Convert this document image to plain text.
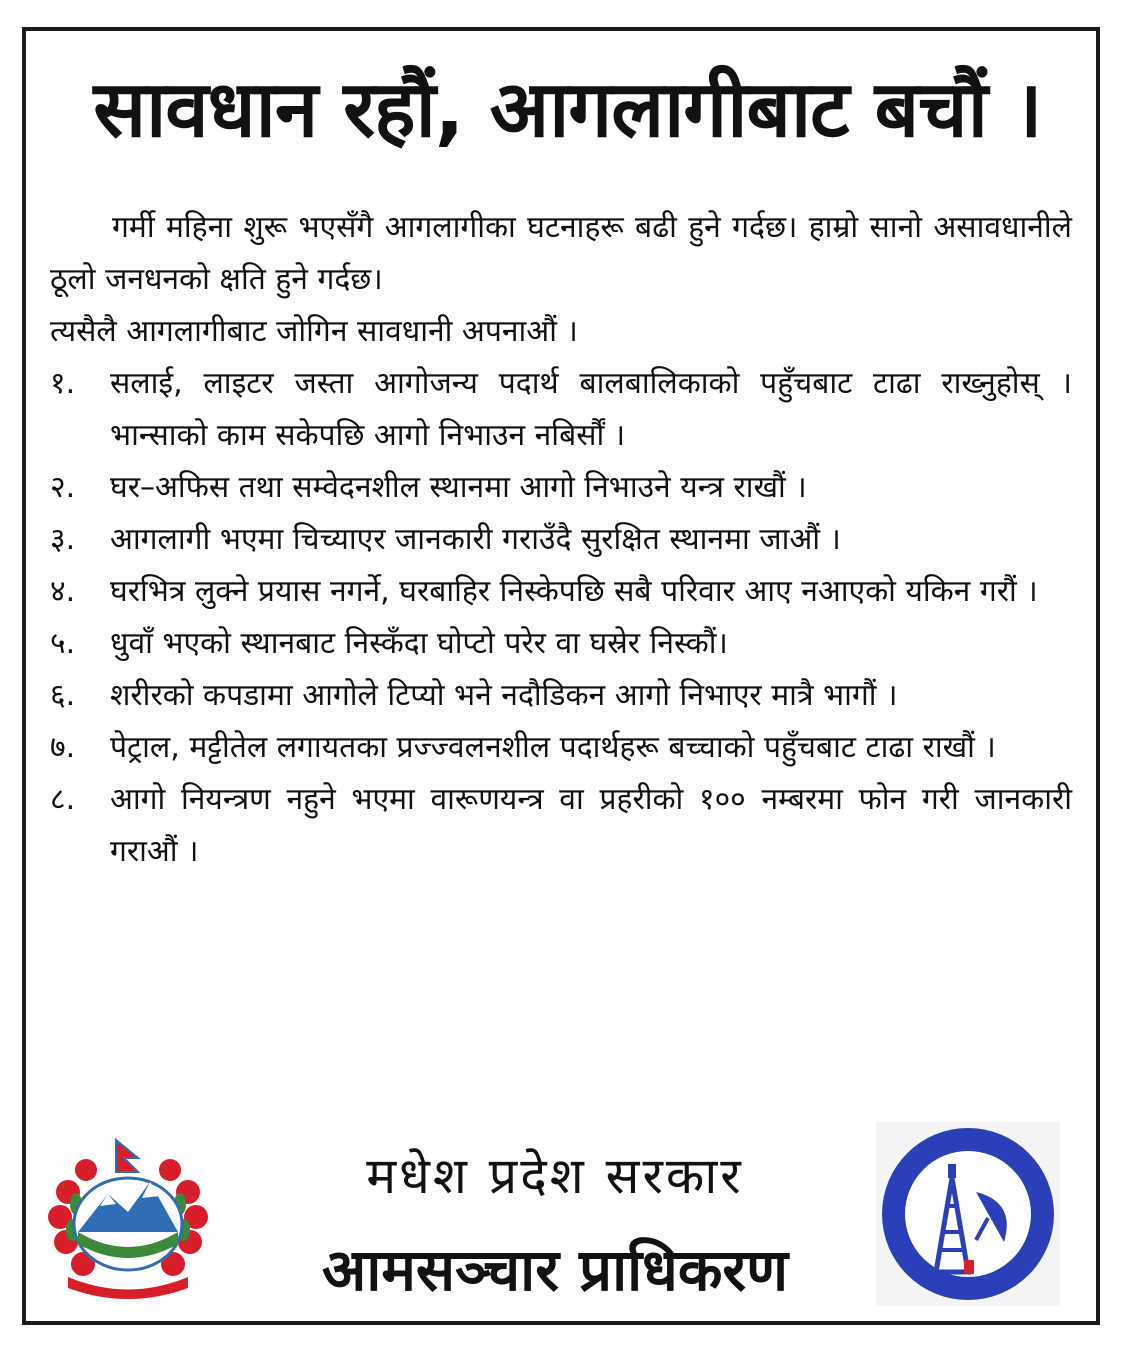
सावधान रहौं, आगलागीबाट बचौं ।

गर्मी महिना शुरू भएसँगै आगलागीका घटनाहरू बढी हुने गर्दछ। हाम्रो सानो असावधानीले ठूलो जनधनको क्षति हुने गर्दछ।

त्यसैलै आगलागीबाट जोगिन सावधानी अपनाऔं ।

१. सलाई, लाइटर जस्ता आगोजन्य पदार्थ बालबालिकाको पहुँचबाट टाढा राख्नुहोस् । भान्साको काम सकेपछि आगो निभाउन नबिर्सौं ।
२. घर–अफिस तथा सम्वेदनशील स्थानमा आगो निभाउने यन्त्र राखौं ।
३. आगलागी भएमा चिच्याएर जानकारी गराउँदै सुरक्षित स्थानमा जाऔं ।
४. घरभित्र लुक्ने प्रयास नगर्ने, घरबाहिर निस्केपछि सबै परिवार आए नआएको यकिन गरौं ।
५. धुवाँ भएको स्थानबाट निस्कँदा घोप्टो परेर वा घस्रेर निस्कौं।
६. शरीरको कपडामा आगोले टिप्यो भने नदौडिकन आगो निभाएर मात्रै भागौं ।
७. पेट्राल, मट्टीतेल लगायतका प्रज्ज्वलनशील पदार्थहरू बच्चाको पहुँचबाट टाढा राखौं ।
८. आगो नियन्त्रण नहुने भएमा वारूणयन्त्र वा प्रहरीको १०० नम्बरमा फोन गरी जानकारी गराऔं ।
मधेश प्रदेश सरकार
आमसञ्चार प्राधिकरण
